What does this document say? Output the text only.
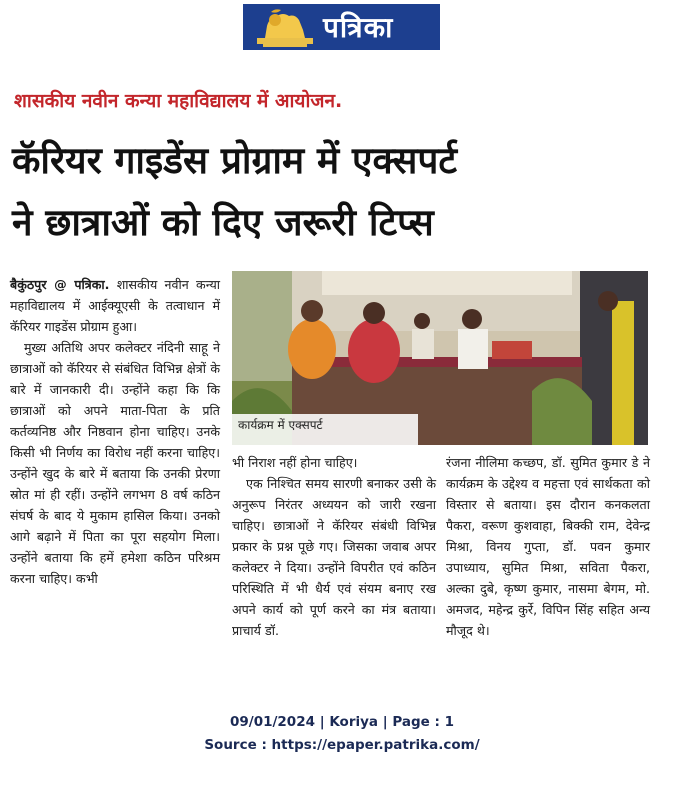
पत्रिका
शासकीय नवीन कन्या महाविद्यालय में आयोजन.
कॅरियर गाइडेंस प्रोग्राम में एक्सपर्ट
ने छात्राओं को दिए जरूरी टिप्स

बैकुंठपुर @ पत्रिका. शासकीय नवीन कन्या महाविद्यालय में आईक्यूएसी के तत्वाधान में कॅरियर गाइडेंस प्रोग्राम हुआ।

मुख्य अतिथि अपर कलेक्टर नंदिनी साहू ने छात्राओं को कॅरियर से संबंधित विभिन्न क्षेत्रों के बारे में जानकारी दी। उन्होंने कहा कि कि छात्राओं को अपने माता-पिता के प्रति कर्तव्यनिष्ठ और निष्ठवान होना चाहिए। उनके किसी भी निर्णय का विरोध नहीं करना चाहिए। उन्होंने खुद के बारे में बताया कि उनकी प्रेरणा स्रोत मां ही रहीं। उन्होंने लगभग 8 वर्ष कठिन संघर्ष के बाद ये मुकाम हासिल किया। उनको आगे बढ़ाने में पिता का पूरा सहयोग मिला। उन्होंने बताया कि हमें हमेशा कठिन परिश्रम करना चाहिए। कभी

कार्यक्रम में एक्सपर्ट

भी निराश नहीं होना चाहिए।

एक निश्चित समय सारणी बनाकर उसी के अनुरूप निरंतर अध्ययन को जारी रखना चाहिए। छात्राओं ने कॅरियर संबंधी विभिन्न प्रकार के प्रश्न पूछे गए। जिसका जवाब अपर कलेक्टर ने दिया। उन्होंने विपरीत एवं कठिन परिस्थिति में भी धैर्य एवं संयम बनाए रख अपने कार्य को पूर्ण करने का मंत्र बताया। प्राचार्य डॉ.

रंजना नीलिमा कच्छप, डॉ. सुमित कुमार डे ने कार्यक्रम के उद्देश्य व महत्ता एवं सार्थकता को विस्तार से बताया। इस दौरान कनकलता पैकरा, वरूण कुशवाहा, बिक्की राम, देवेन्द्र मिश्रा, विनय गुप्ता, डॉ. पवन कुमार उपाध्याय, सुमित मिश्रा, सविता पैकरा, अल्का दुबे, कृष्ण कुमार, नासमा बेगम, मो. अमजद, महेन्द्र कुर्रे, विपिन सिंह सहित अन्य मौजूद थे।

09/01/2024 | Koriya | Page : 1
Source : https://epaper.patrika.com/
